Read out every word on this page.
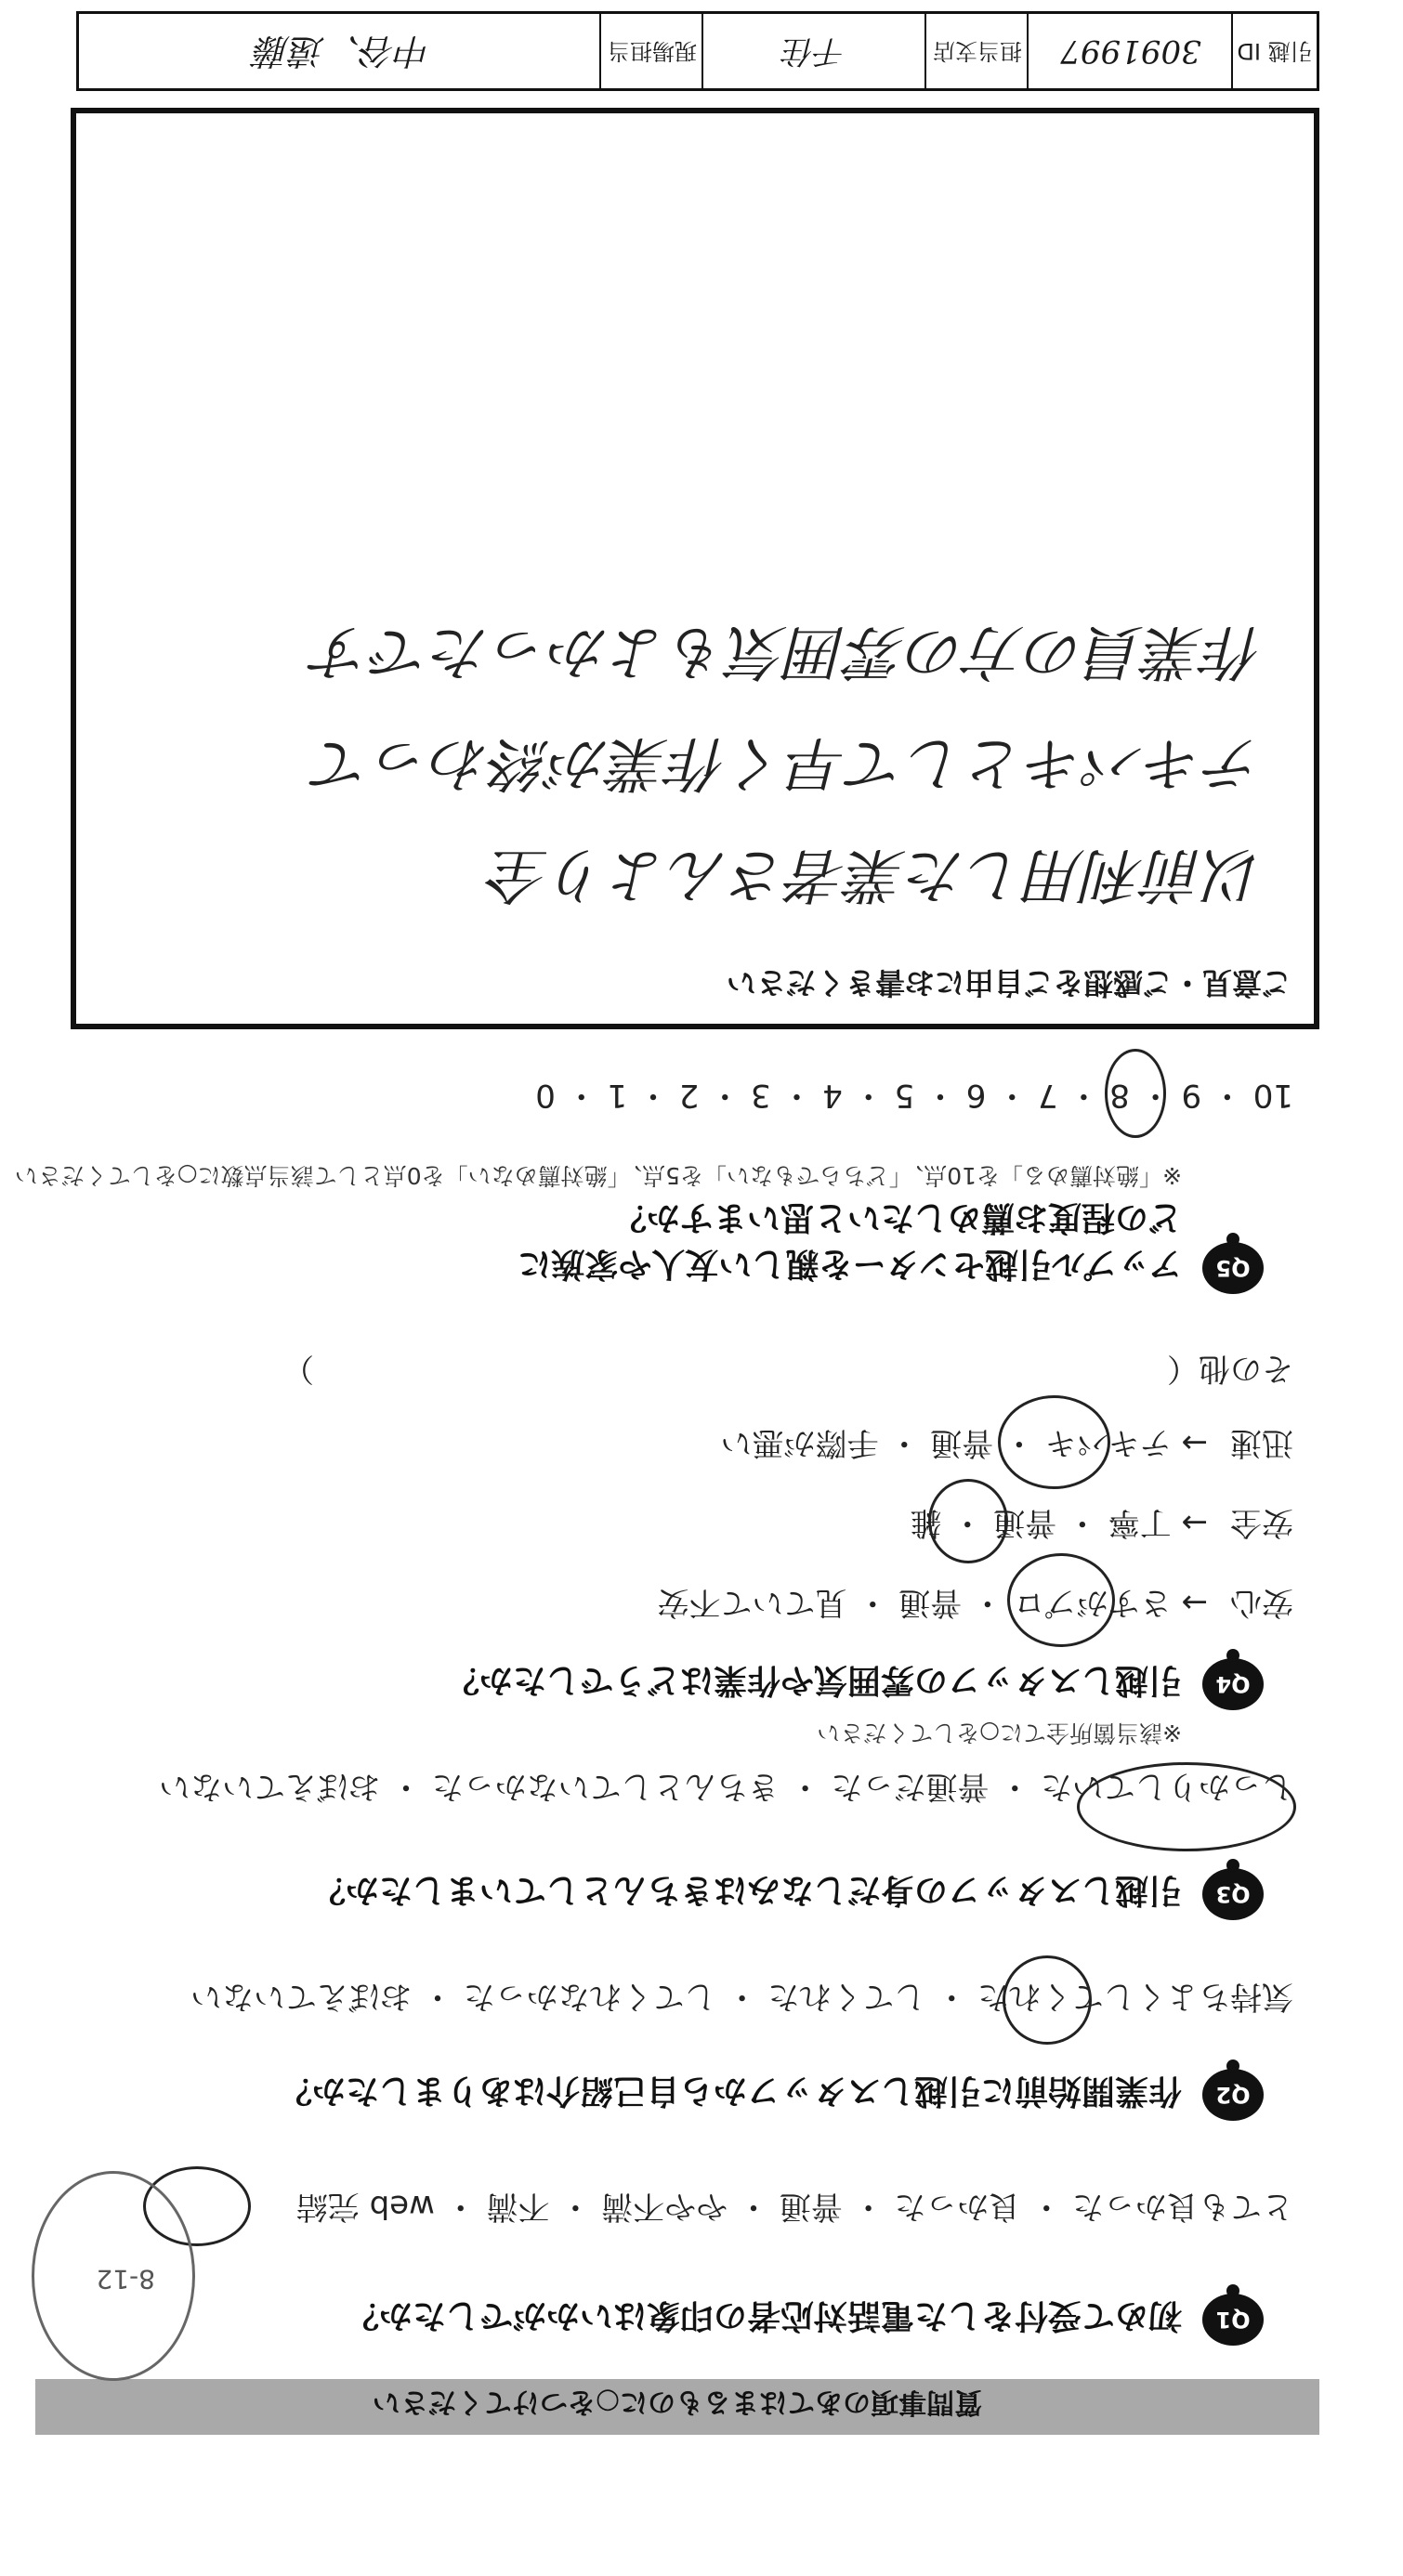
質問事項のあてはまるものに○をつけてください
Q1
初めて受付をした電話対応者の印象はいかがでしたか？
とても良かった ・ 良かった ・ 普通 ・ やや不満 ・ 不満 ・ web 完結
Q2
作業開始前に引越しスタッフから自己紹介はありましたか？
気持ちよくしてくれた ・ してくれた ・ してくれなかった ・ おぼえていない
Q3
引越しスタッフの身だしなみはきちんとしていましたか？
しっかりしていた ・ 普通だった ・ きちんとしていなかった ・ おぼえていない
Q4
引越しスタッフの雰囲気や作業はどうでしたか？
※該当箇所全てに○をしてください
安心
→ さすがプロ ・ 普通 ・ 見ていて不安
安全
→ 丁寧 ・ 普通 ・ 雑
迅速
→ テキパキ ・ 普通 ・ 手際が悪い
その他（　　　　　　　　　　　　　　　　　　　　　　　　　　　）
Q5
アップル引越センターを親しい友人や家族に
どの程度お薦めしたいと思いますか？
※「絶対薦める」を10点、「どちらでもない」を5点、「絶対薦めない」を0点として該当点数に○をしてください
10 ・ 9 ・ 8 ・ 7 ・ 6 ・ 5 ・ 4 ・ 3 ・ 2 ・ 1 ・ 0
ご意見・ご感想をご自由にお書きください
以前利用した業者さんより全
テキパキとして早く作業が終わって
作業員の方の雰囲気もよかったです
引越 ID
3091997
担当支店
千住
現場担当
中谷、遠藤
8-12
